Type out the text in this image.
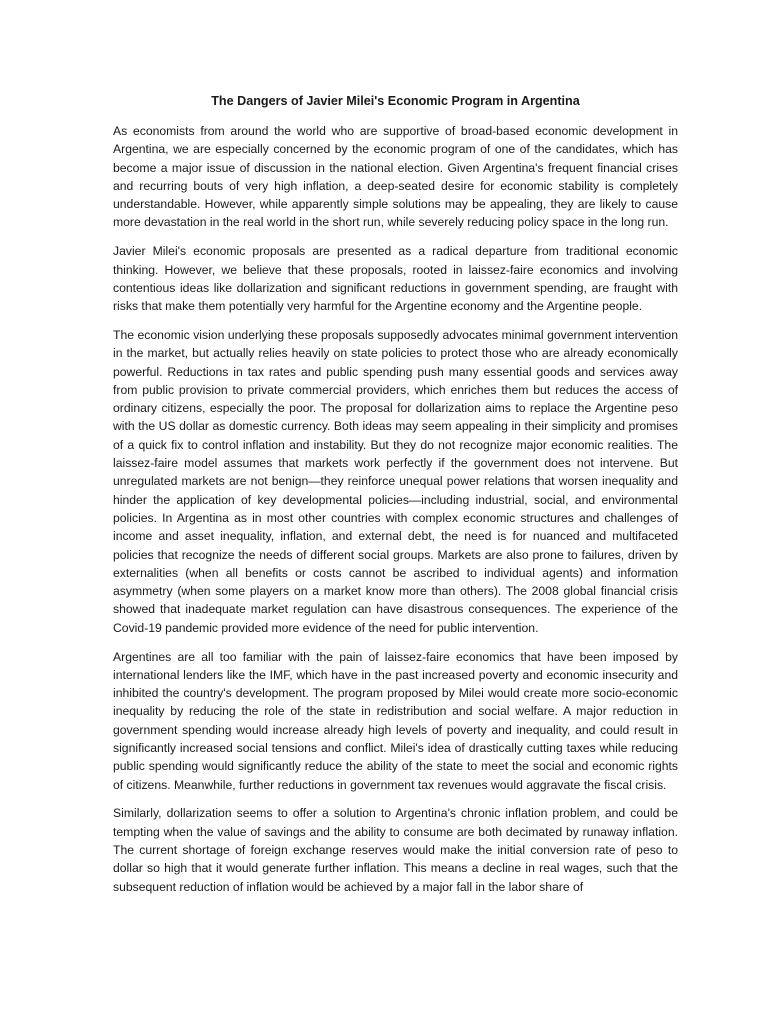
The Dangers of Javier Milei's Economic Program in Argentina

As economists from around the world who are supportive of broad-based economic development in Argentina, we are especially concerned by the economic program of one of the candidates, which has become a major issue of discussion in the national election. Given Argentina's frequent financial crises and recurring bouts of very high inflation, a deep-seated desire for economic stability is completely understandable. However, while apparently simple solutions may be appealing, they are likely to cause more devastation in the real world in the short run, while severely reducing policy space in the long run.

Javier Milei's economic proposals are presented as a radical departure from traditional economic thinking. However, we believe that these proposals, rooted in laissez-faire economics and involving contentious ideas like dollarization and significant reductions in government spending, are fraught with risks that make them potentially very harmful for the Argentine economy and the Argentine people.

The economic vision underlying these proposals supposedly advocates minimal government intervention in the market, but actually relies heavily on state policies to protect those who are already economically powerful. Reductions in tax rates and public spending push many essential goods and services away from public provision to private commercial providers, which enriches them but reduces the access of ordinary citizens, especially the poor. The proposal for dollarization aims to replace the Argentine peso with the US dollar as domestic currency. Both ideas may seem appealing in their simplicity and promises of a quick fix to control inflation and instability. But they do not recognize major economic realities. The laissez-faire model assumes that markets work perfectly if the government does not intervene. But unregulated markets are not benign—they reinforce unequal power relations that worsen inequality and hinder the application of key developmental policies—including industrial, social, and environmental policies. In Argentina as in most other countries with complex economic structures and challenges of income and asset inequality, inflation, and external debt, the need is for nuanced and multifaceted policies that recognize the needs of different social groups. Markets are also prone to failures, driven by externalities (when all benefits or costs cannot be ascribed to individual agents) and information asymmetry (when some players on a market know more than others). The 2008 global financial crisis showed that inadequate market regulation can have disastrous consequences. The experience of the Covid-19 pandemic provided more evidence of the need for public intervention.

Argentines are all too familiar with the pain of laissez-faire economics that have been imposed by international lenders like the IMF, which have in the past increased poverty and economic insecurity and inhibited the country's development. The program proposed by Milei would create more socio-economic inequality by reducing the role of the state in redistribution and social welfare. A major reduction in government spending would increase already high levels of poverty and inequality, and could result in significantly increased social tensions and conflict. Milei's idea of drastically cutting taxes while reducing public spending would significantly reduce the ability of the state to meet the social and economic rights of citizens. Meanwhile, further reductions in government tax revenues would aggravate the fiscal crisis.

Similarly, dollarization seems to offer a solution to Argentina's chronic inflation problem, and could be tempting when the value of savings and the ability to consume are both decimated by runaway inflation. The current shortage of foreign exchange reserves would make the initial conversion rate of peso to dollar so high that it would generate further inflation. This means a decline in real wages, such that the subsequent reduction of inflation would be achieved by a major fall in the labor share of
